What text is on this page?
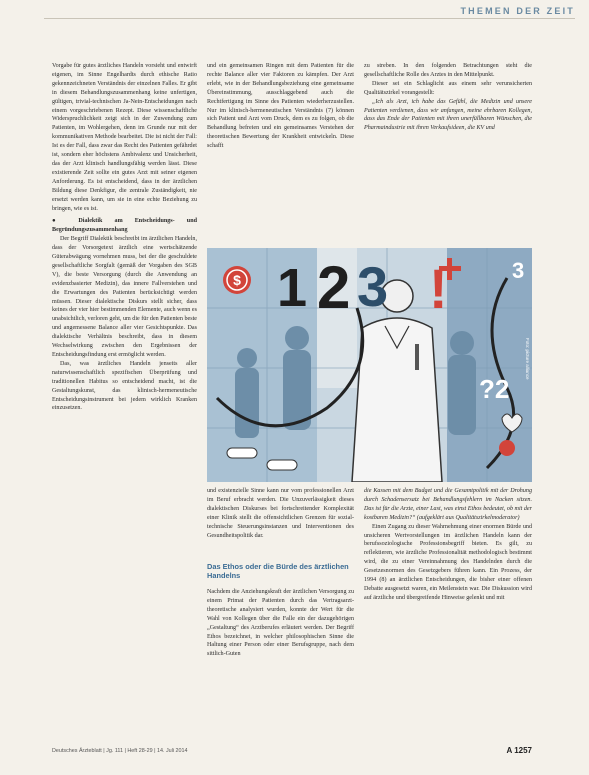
THEMEN DER ZEIT

Vorgabe für gutes ärztliches Handeln vorsieht und entwirft eigenen, im Sinne Engelhardts durch ethische Ratio gekennzeichneten Verständnis der einzelnen Falles. Er gibt in diesem Behandlungszusammenhang keine unfertigen, gültigen, trivial-technischen Ja-Nein-Entscheidungen nach einem vorgeschriebenen Rezept. Diese wissenschaftliche Widerspruchlichkeit zeigt sich in der Zuwendung zum Patienten, im Wohlergehen, denn im Grunde nur mit der kommunikativen Methode bearbeitet. Die ist nicht der Fall: Ist es der Fall, dass zwar das Recht des Patienten gefährdet ist, sondern eher höchstens Ambivalenz und Unsicherheit, das der Arzt klinisch handlungsfähig werden lässt. Diese existierende Zeit sollte ein gutes Arzt mit seiner eigenen Anforderung. Es ist entscheidend, dass in der ärztlichen Bildung diese Denkfigur, die zentrale Zuständigkeit, nie ersetzt werden kann, um sie in eine echte Beziehung zu bringen, wie es ist.

● Dialektik am Entscheidungs- und Begründungszusammenhang

Der Begriff Dialektik beschreibt im ärztlichen Handeln, dass der Vorsorgetext ärztlich eine wertschätzende Güterabwägung vornehmen muss, bei der die geschuldete gesellschaftliche Sorgfalt (gemäß der Vorgaben des SGB V), die beste Versorgung (durch die Anwendung an evidenzbasierter Medizin), das innere Fallverstehen und die Erwartungen des Patienten berücksichtigt werden müssen. Dieser dialektische Diskurs stellt sicher, dass keines der vier hier bestimmenden Elemente, auch wenn es unabsichtlich, verloren geht, um die für den Patienten beste und angemessene Balance aller vier Gesichtspunkte. Das dialektische Verhältnis beschreibt, dass in diesem Wechselwirkung zwischen den Ergebnissen der Entscheidungsfindung erst ermöglicht werden.

Das, was ärztliches Handeln jenseits aller naturwissenschaftlich spezifischen Überprüfung und traditionellen Habitus so entscheidend macht, ist die Gestaltungskunst, das klinisch-hermeneutische Entscheidungsinstrument bei jedem wirklich Kranken einzusetzen.

und ein gemeinsamen Ringen mit dem Patienten für die rechte Balance aller vier Faktoren zu kämpfen. Der Arzt erlebt, wie in der Behandlungsbeziehung eine gemeinsame Übereinstimmung, ausschlaggebend auch die Rechtfertigung im Sinne des Patienten wiederherzustellen. Nur im klinisch-hermeneutischen Verständnis (7) können sich Patient und Arzt vom Druck, dem es zu folgen, ob die Behandlung befreien und ein gemeinsames Verstehen der theoretischen Bewertung der Krankheit entwickeln. Diese schafft

zu streben. In den folgenden Betrachtungen steht die gesellschaftliche Rolle des Arztes in den Mittelpunkt.

Dieser sei ein Schlaglicht aus einem sehr verunsicherten Qualitätszirkel vorangestellt:

„Ich als Arzt, ich habe das Gefühl, die Medizin und unsere Patienten verdienen, dass wir anfangen, meine ehrbaren Kollegen, dass das Ende der Patienten mit ihren unerfüllbaren Wünschen, die Pharmaindustrie mit ihren Verkaufsideen, die KV und

$ 1 2 3 !	3
?2
Foto: picture alliance

und existenzielle Sinne kann nur vom professionellen Arzt im Beruf erbracht werden. Die Unzuverlässigkeit dieses dialektischen Diskurses bei fortschreitender Komplexität einer Klinik stellt die offensichtlichen Grenzen für sozial-technische Steuerungsinstanzen und Interventionen des Gesundheitspolitik dar.

Das Ethos oder die Bürde des ärztlichen Handelns

Nachdem die Anziehungskraft der ärztlichen Versorgung zu einem Primat der Patienten durch das Vertragsarzt-theoretische analysiert wurden, konnte der Wert für die Wahl von Kollegen über die Falle ein der dazugehörigen „Gestaltung“ des Arztberufes erläutert werden. Der Begriff Ethos bezeichnet, in welcher philosophischen Sinne die Haltung einer Person oder einer Berufsgruppe, nach dem sittlich-Guten

die Kassen mit dem Budget und die Gesamtpolitik mit der Drohung durch Schadensersatz bei Behandlungsfehlern im Nacken sitzen. Das ist für die Arzte, einer Last, was einst Ethos bedeutet, ob mit der kostbaren Medizin?“ (aufgeklärt aus Qualitätszirkelmoderator)

Einen Zugang zu dieser Wahrnehmung einer enormen Bürde und unsicheren Wertvorstellungen im ärztlichen Handeln kann der berufssoziologische Professionsbegriff bieten. Es gilt, zu reflektieren, wie ärztliche Professionalität methodologisch bestimmt wird, die zu einer Vereinnahmung des Handelnden durch die Gesetzesnormen des Gesetzgebers führen kann. Ein Prozess, der 1994 (8) an ärztlichen Entscheidungen, die bisher einer offenen Debatte ausgesetzt waren, ein Meilenstein war. Die Diskussion wird auf ärztliche und übergreifende Hinweise gelenkt und mit

Deutsches Ärzteblatt | Jg. 111 | Heft 28-29 | 14. Juli 2014	A 1257
